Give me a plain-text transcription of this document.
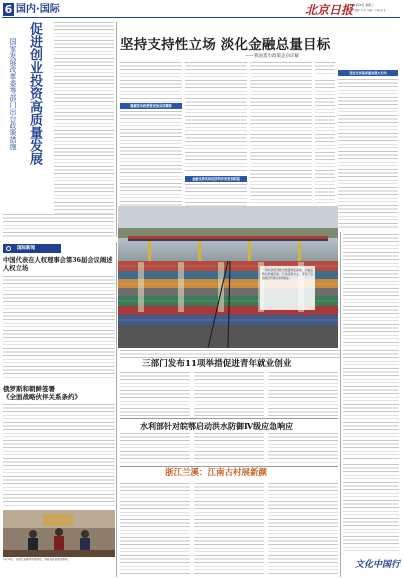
6 国内·国际	北京日报
2021年5月 星期三
责任编辑 李 伟 马强等 美编 刘 非
促进创业投资高质量发展
国家发展改革委等部门出台政策措施	坚持支持性立场 淡化金融总量目标
——我国货币政策走向详解
稳健货币政策要更加灵活精准
金融支持实体经济的作用更加明显
坚定支持高质量发展大方向
一列中欧班列驶出铁路物流基地，运输货物以机械设备、日用品等为主，带动了沿线地区贸易往来和就业。
国际新闻
中国代表在人权理事会第36届会议阐述人权立场
俄罗斯和朝鲜签署
《全面战略伙伴关系条约》
5月19日，在浙江省湖州市德清县，游客在民宿周边游玩。
三部门发布11项举措促进青年就业创业
水利部针对皖鄂启动洪水防御Ⅳ级应急响应
浙江兰溪：江南古村展新颜
文化中国行
